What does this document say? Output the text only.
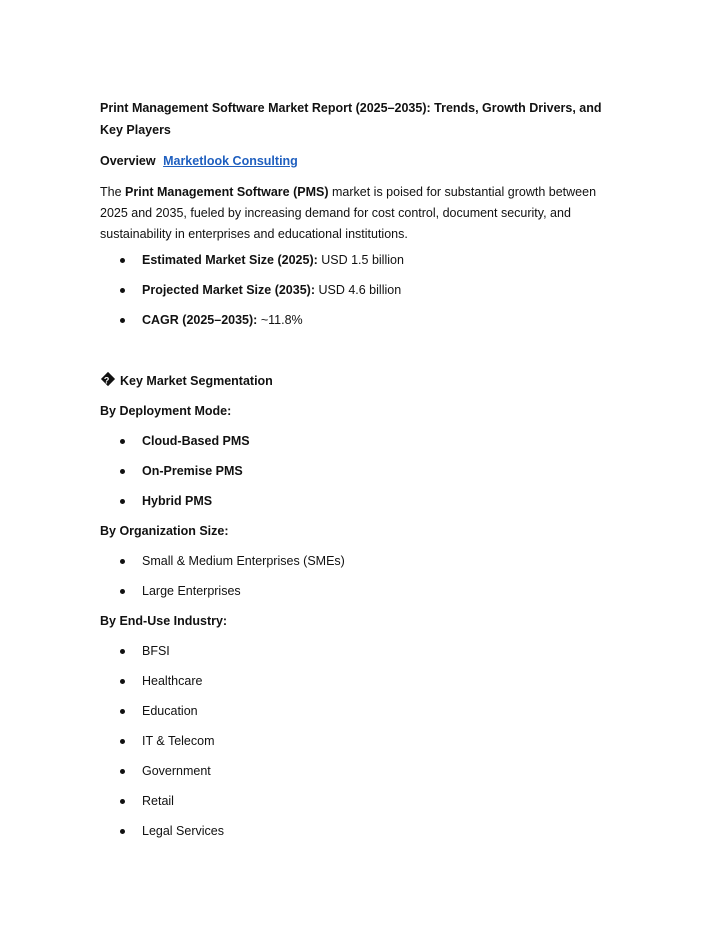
Print Management Software Market Report (2025–2035): Trends, Growth Drivers, and Key Players
Overview Marketlook Consulting
The Print Management Software (PMS) market is poised for substantial growth between 2025 and 2035, fueled by increasing demand for cost control, document security, and sustainability in enterprises and educational institutions.
Estimated Market Size (2025): USD 1.5 billion
Projected Market Size (2035): USD 4.6 billion
CAGR (2025–2035): ~11.8%
?Key Market Segmentation
By Deployment Mode:
Cloud-Based PMS
On-Premise PMS
Hybrid PMS
By Organization Size:
Small & Medium Enterprises (SMEs)
Large Enterprises
By End-Use Industry:
BFSI
Healthcare
Education
IT & Telecom
Government
Retail
Legal Services
